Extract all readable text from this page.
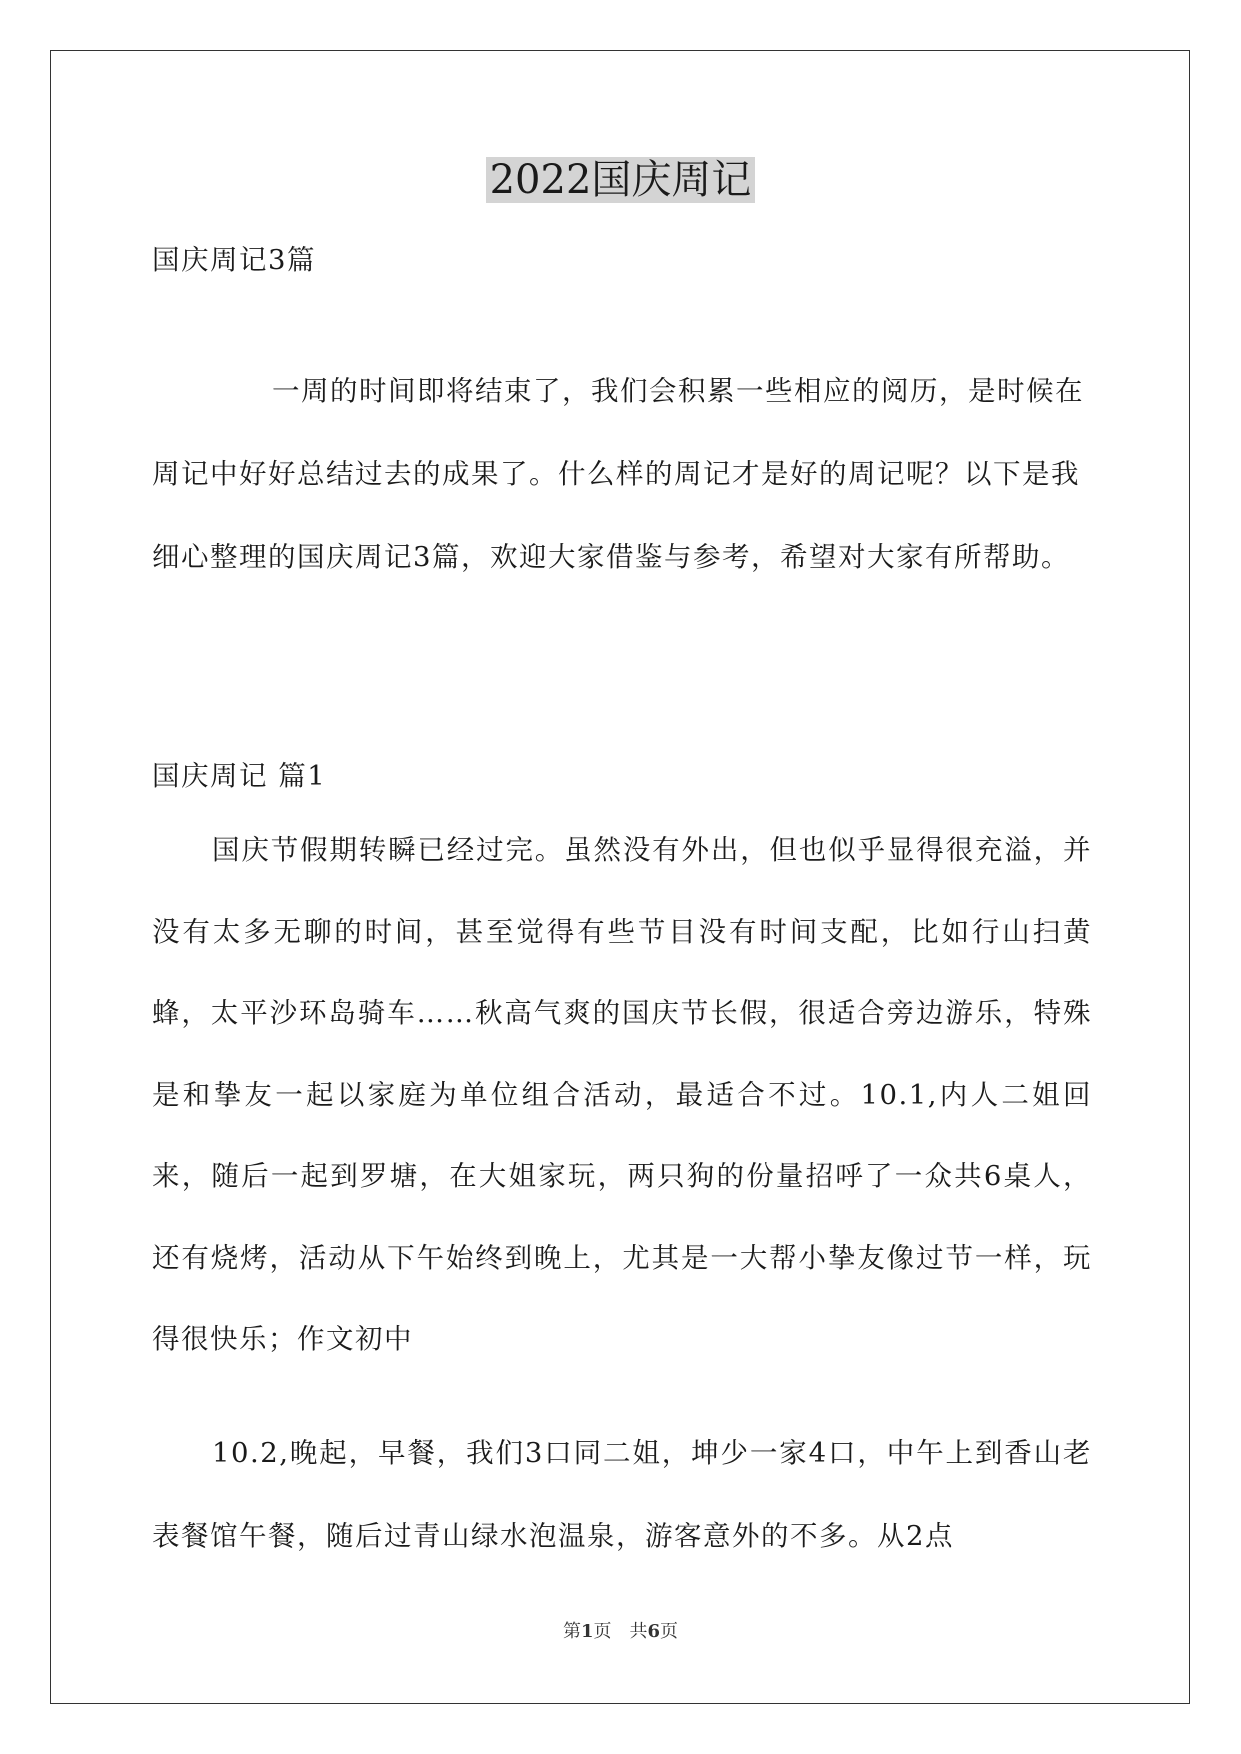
2022国庆周记
国庆周记3篇
一周的时间即将结束了，我们会积累一些相应的阅历，是时候在周记中好好总结过去的成果了。什么样的周记才是好的周记呢？以下是我细心整理的国庆周记3篇，欢迎大家借鉴与参考，希望对大家有所帮助。
国庆周记 篇1
国庆节假期转瞬已经过完。虽然没有外出，但也似乎显得很充溢，并没有太多无聊的时间，甚至觉得有些节目没有时间支配，比如行山扫黄蜂，太平沙环岛骑车……秋高气爽的国庆节长假，很适合旁边游乐，特殊是和挚友一起以家庭为单位组合活动，最适合不过。10.1,内人二姐回来，随后一起到罗塘，在大姐家玩，两只狗的份量招呼了一众共6桌人，还有烧烤，活动从下午始终到晚上，尤其是一大帮小挚友像过节一样，玩得很快乐；作文初中
10.2,晚起，早餐，我们3口同二姐，坤少一家4口，中午上到香山老表餐馆午餐，随后过青山绿水泡温泉，游客意外的不多。从2点
第1页　共6页
